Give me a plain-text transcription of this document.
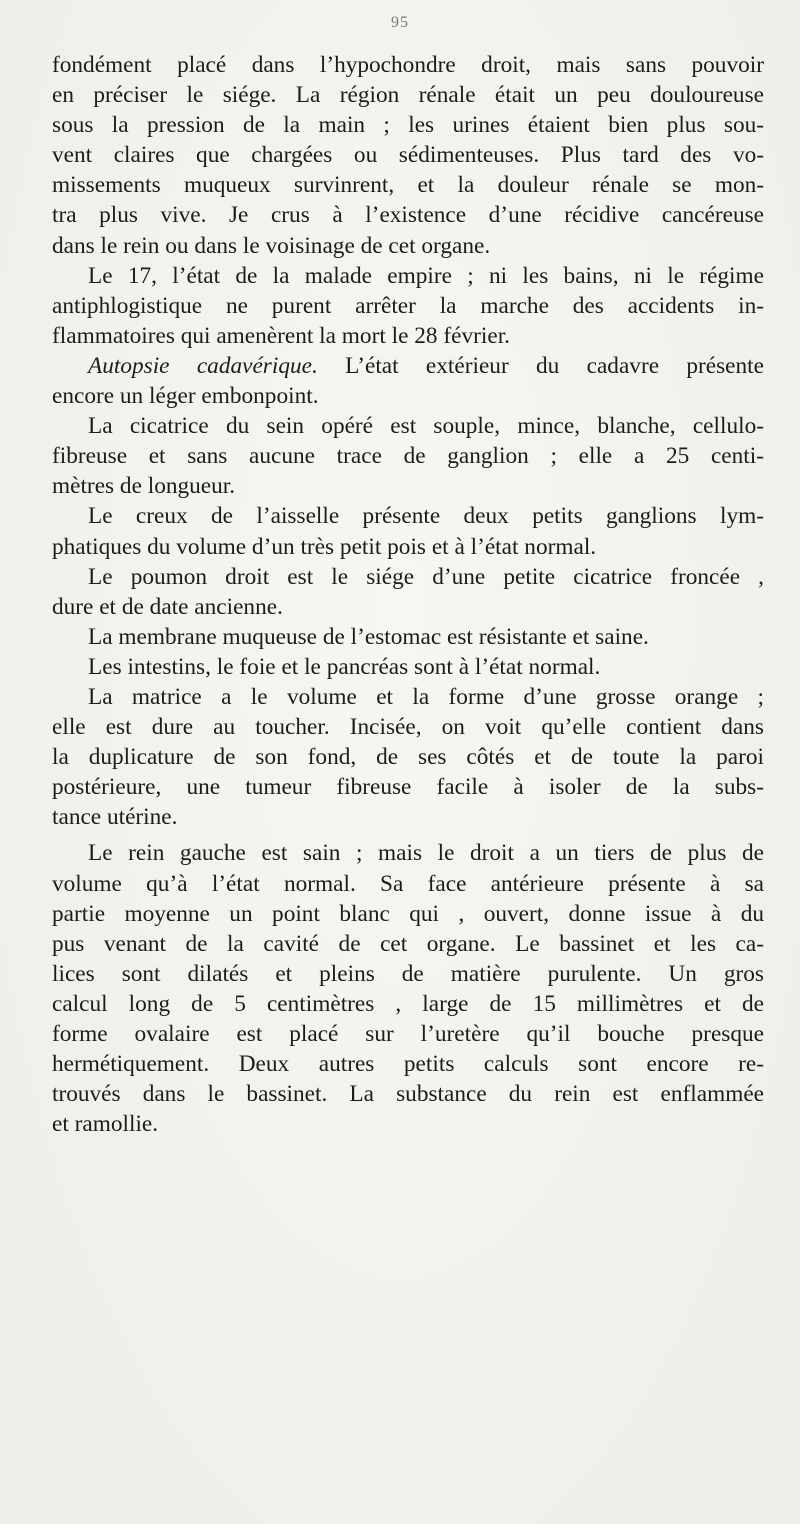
95
fondément placé dans l’hypochondre droit, mais sans pouvoir
en préciser le siége. La région rénale était un peu douloureuse
sous la pression de la main ; les urines étaient bien plus sou-
vent claires que chargées ou sédimenteuses. Plus tard des vo-
missements muqueux survinrent, et la douleur rénale se mon-
tra plus vive. Je crus à l’existence d’une récidive cancéreuse
dans le rein ou dans le voisinage de cet organe.
Le 17, l’état de la malade empire ; ni les bains, ni le régime
antiphlogistique ne purent arrêter la marche des accidents in-
flammatoires qui amenèrent la mort le 28 février.
Autopsie cadavérique. L’état extérieur du cadavre présente
encore un léger embonpoint.
La cicatrice du sein opéré est souple, mince, blanche, cellulo-
fibreuse et sans aucune trace de ganglion ; elle a 25 centi-
mètres de longueur.
Le creux de l’aisselle présente deux petits ganglions lym-
phatiques du volume d’un très petit pois et à l’état normal.
Le poumon droit est le siége d’une petite cicatrice froncée ,
dure et de date ancienne.
La membrane muqueuse de l’estomac est résistante et saine.
Les intestins, le foie et le pancréas sont à l’état normal.
La matrice a le volume et la forme d’une grosse orange ;
elle est dure au toucher. Incisée, on voit qu’elle contient dans
la duplicature de son fond, de ses côtés et de toute la paroi
postérieure, une tumeur fibreuse facile à isoler de la subs-
tance utérine.
Le rein gauche est sain ; mais le droit a un tiers de plus de
volume qu’à l’état normal. Sa face antérieure présente à sa
partie moyenne un point blanc qui , ouvert, donne issue à du
pus venant de la cavité de cet organe. Le bassinet et les ca-
lices sont dilatés et pleins de matière purulente. Un gros
calcul long de 5 centimètres , large de 15 millimètres et de
forme ovalaire est placé sur l’uretère qu’il bouche presque
hermétiquement. Deux autres petits calculs sont encore re-
trouvés dans le bassinet. La substance du rein est enflammée
et ramollie.
